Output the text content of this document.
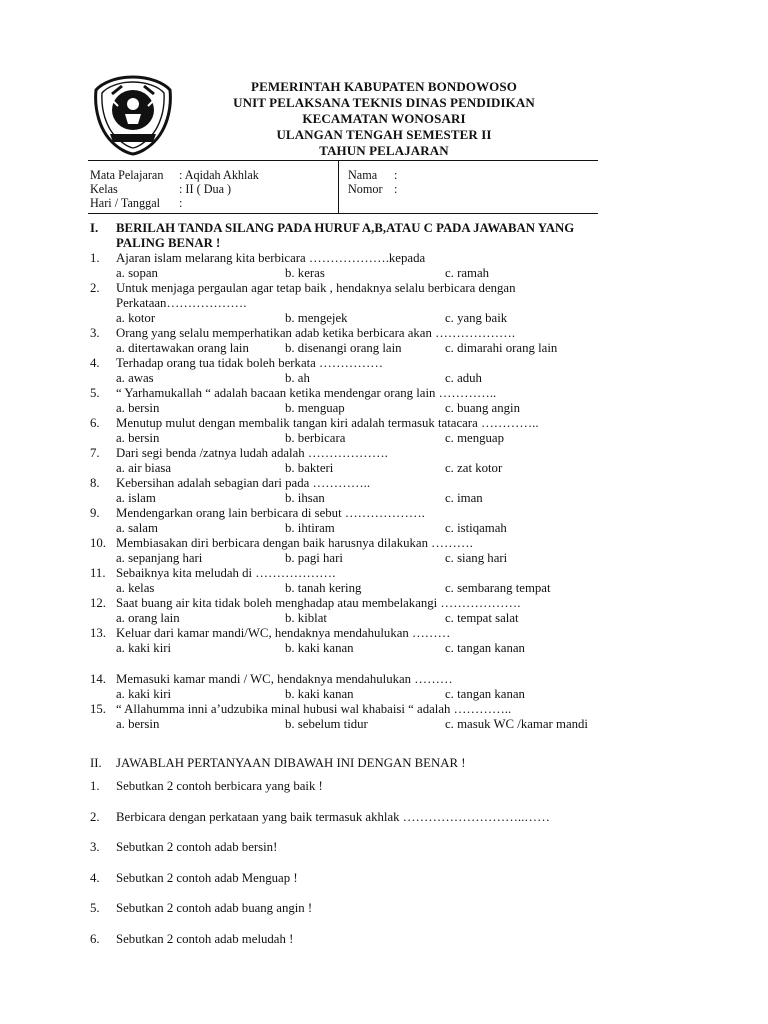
PEMERINTAH KABUPATEN BONDOWOSO
UNIT PELAKSANA TEKNIS DINAS PENDIDIKAN
KECAMATAN WONOSARI
ULANGAN TENGAH SEMESTER II
TAHUN PELAJARAN
Mata Pelajaran : Aqidah Akhlak
Kelas	: II ( Dua )
Hari / Tanggal :
Nama :
Nomor :
I. BERILAH TANDA SILANG PADA HURUF A,B,ATAU C PADA JAWABAN YANG
PALING BENAR !
1. Ajaran islam melarang kita berbicara ……………….kepada
a. sopan	b. keras	c. ramah
2. Untuk menjaga pergaulan agar tetap baik , hendaknya selalu berbicara dengan
Perkataan……………….
a. kotor	b. mengejek	c. yang baik
3. Orang yang selalu memperhatikan adab ketika berbicara akan ……………….
a. ditertawakan orang lain	b. disenangi orang lain	c. dimarahi orang lain
4. Terhadap orang tua tidak boleh berkata ……………
a. awas	b. ah	c. aduh
5. “ Yarhamukallah “ adalah bacaan ketika mendengar orang lain …………..
a. bersin	b. menguap	c. buang angin
6. Menutup mulut dengan membalik tangan kiri adalah termasuk tatacara …………..
a. bersin	b. berbicara	c. menguap
7. Dari segi benda /zatnya ludah adalah ……………….
a. air biasa	b. bakteri	c. zat kotor
8. Kebersihan adalah sebagian dari pada …………..
a. islam	b. ihsan	c. iman
9. Mendengarkan orang lain berbicara di sebut ……………….
a. salam	b. ihtiram	c. istiqamah
10. Membiasakan diri berbicara dengan baik harusnya dilakukan ……….
a. sepanjang hari	b. pagi hari	c. siang hari
11. Sebaiknya kita meludah di ……………….
a. kelas	b. tanah kering	c. sembarang tempat
12. Saat buang air kita tidak boleh menghadap atau membelakangi ……………….
a. orang lain	b. kiblat	c. tempat salat
13. Keluar dari kamar mandi/WC, hendaknya mendahulukan ………
a. kaki kiri	b. kaki kanan	c. tangan kanan
14. Memasuki kamar mandi / WC, hendaknya mendahulukan ………
a. kaki kiri	b. kaki kanan	c. tangan kanan
15. “ Allahumma inni a’udzubika minal hubusi wal khabaisi “ adalah …………..
a. bersin	b. sebelum tidur	c. masuk WC /kamar mandi
II. JAWABLAH PERTANYAAN DIBAWAH INI DENGAN BENAR !
1. Sebutkan 2 contoh berbicara yang baik !
2. Berbicara dengan perkataan yang baik termasuk akhlak ………………………..……
3. Sebutkan 2 contoh adab bersin!
4. Sebutkan 2 contoh adab Menguap !
5. Sebutkan 2 contoh adab buang angin !
6. Sebutkan 2 contoh adab meludah !
